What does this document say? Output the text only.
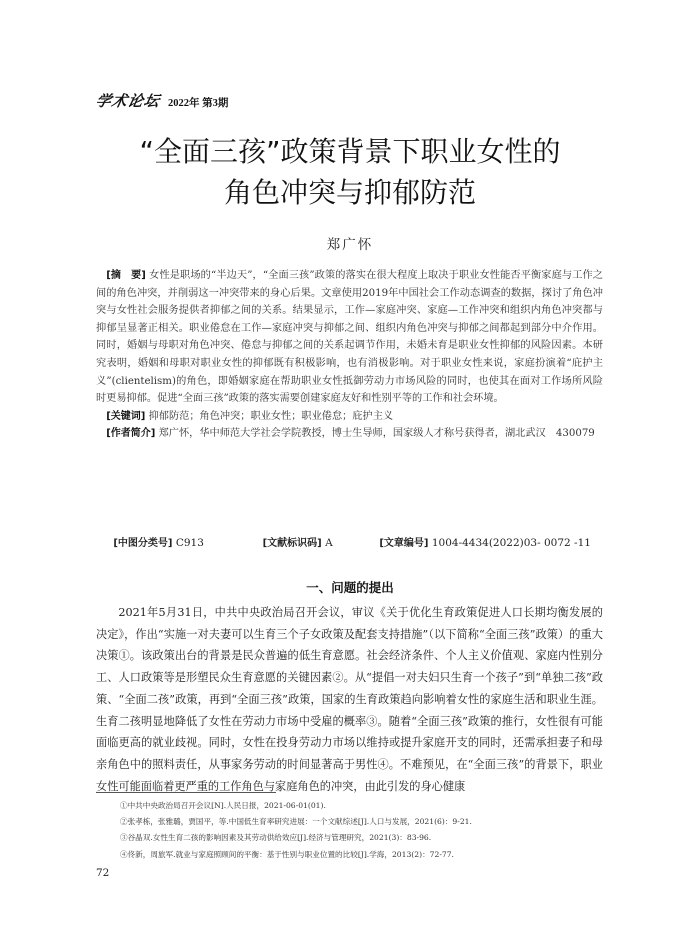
学术论坛 2022年 第3期
“全面三孩”政策背景下职业女性的
角色冲突与抑郁防范
郑广怀

[摘　要] 女性是职场的“半边天”，“全面三孩”政策的落实在很大程度上取决于职业女性能否平衡家庭与工作之间的角色冲突，并削弱这一冲突带来的身心后果。文章使用2019年中国社会工作动态调查的数据，探讨了角色冲突与女性社会服务提供者抑郁之间的关系。结果显示，工作—家庭冲突、家庭—工作冲突和组织内角色冲突都与抑郁呈显著正相关。职业倦怠在工作—家庭冲突与抑郁之间、组织内角色冲突与抑郁之间都起到部分中介作用。同时，婚姻与母职对角色冲突、倦怠与抑郁之间的关系起调节作用，未婚未育是职业女性抑郁的风险因素。本研究表明，婚姻和母职对职业女性的抑郁既有积极影响，也有消极影响。对于职业女性来说，家庭扮演着“庇护主义”(clientelism)的角色，即婚姻家庭在帮助职业女性抵御劳动力市场风险的同时，也使其在面对工作场所风险时更易抑郁。促进“全面三孩”政策的落实需要创建家庭友好和性别平等的工作和社会环境。

[关键词] 抑郁防范；角色冲突；职业女性；职业倦怠；庇护主义

[作者简介] 郑广怀，华中师范大学社会学院教授，博士生导师，国家级人才称号获得者，湖北武汉　430079

[中图分类号] C913	[文献标识码] A	[文章编号] 1004-4434(2022)03- 0072 -11
一、问题的提出

2021年5月31日，中共中央政治局召开会议，审议《关于优化生育政策促进人口长期均衡发展的决定》，作出“实施一对夫妻可以生育三个子女政策及配套支持措施”（以下简称“全面三孩”政策）的重大决策①。该政策出台的背景是民众普遍的低生育意愿。社会经济条件、个人主义价值观、家庭内性别分工、人口政策等是形塑民众生育意愿的关键因素②。从“提倡一对夫妇只生育一个孩子”到“单独二孩”政策、“全面二孩”政策，再到“全面三孩”政策，国家的生育政策趋向影响着女性的家庭生活和职业生涯。生育二孩明显地降低了女性在劳动力市场中受雇的概率③。随着“全面三孩”政策的推行，女性很有可能面临更高的就业歧视。同时，女性在投身劳动力市场以维持或提升家庭开支的同时，还需承担妻子和母亲角色中的照料责任，从事家务劳动的时间显著高于男性④。不难预见，在“全面三孩”的背景下，职业女性可能面临着更严重的工作角色与家庭角色的冲突，由此引发的身心健康

①中共中央政治局召开会议[N].人民日报，2021-06-01(01).
②张孝栋，张雅璐，贾国平，等.中国低生育率研究进展：一个文献综述[J].人口与发展，2021(6)：9-21.
③谷晶双.女性生育二孩的影响因素及其劳动供给效应[J].经济与管理研究，2021(3)：83-96.
④佟新，周旅军.就业与家庭照顾间的平衡：基于性别与职业位置的比较[J].学海，2013(2)：72-77.
72
